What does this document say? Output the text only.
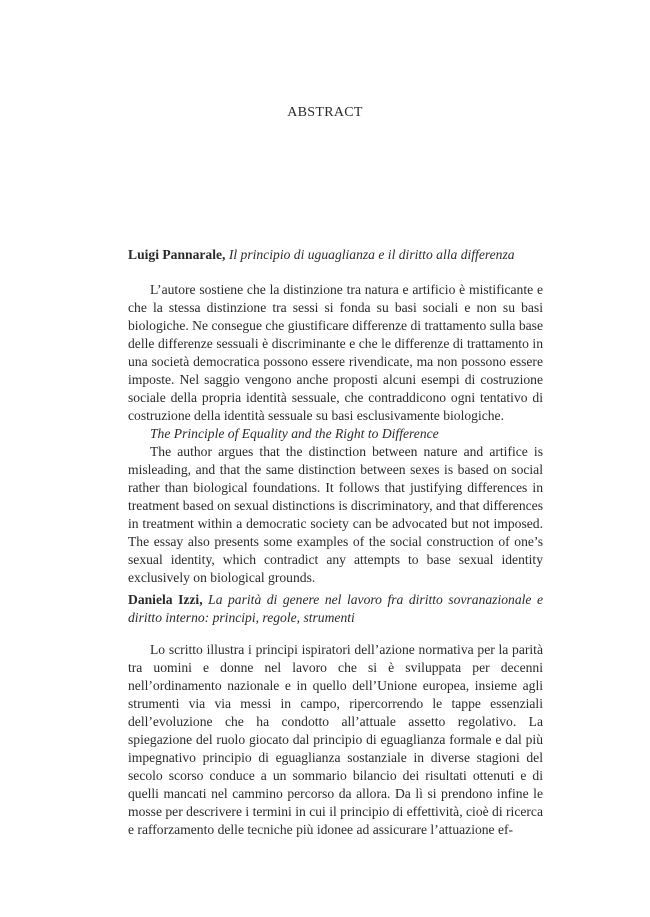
ABSTRACT

Luigi Pannarale, Il principio di uguaglianza e il diritto alla differenza

L’autore sostiene che la distinzione tra natura e artificio è mistificante e che la stessa distinzione tra sessi si fonda su basi sociali e non su basi biologiche. Ne consegue che giustificare differenze di trattamento sulla base delle differenze sessuali è discriminante e che le differenze di trattamento in una società democratica possono essere rivendicate, ma non possono essere imposte. Nel saggio vengono anche proposti alcuni esempi di costruzione sociale della propria identità sessuale, che contraddicono ogni tentativo di costruzione della identità sessuale su basi esclusivamente biologiche.

The Principle of Equality and the Right to Difference

The author argues that the distinction between nature and artifice is misleading, and that the same distinction between sexes is based on social rather than biological foundations. It follows that justifying differences in treatment based on sexual distinctions is discriminatory, and that differences in treatment within a democratic society can be advocated but not imposed. The essay also presents some examples of the social construction of one’s sexual identity, which contradict any attempts to base sexual identity exclusively on biological grounds.

Daniela Izzi, La parità di genere nel lavoro fra diritto sovranazionale e diritto interno: principi, regole, strumenti

Lo scritto illustra i principi ispiratori dell’azione normativa per la parità tra uomini e donne nel lavoro che si è sviluppata per decenni nell’ordinamento nazionale e in quello dell’Unione europea, insieme agli strumenti via via messi in campo, ripercorrendo le tappe essenziali dell’evoluzione che ha condotto all’attuale assetto regolativo. La spiegazione del ruolo giocato dal principio di eguaglianza formale e dal più impegnativo principio di eguaglianza sostanziale in diverse stagioni del secolo scorso conduce a un sommario bilancio dei risultati ottenuti e di quelli mancati nel cammino percorso da allora. Da lì si prendono infine le mosse per descrivere i termini in cui il principio di effettività, cioè di ricerca e rafforzamento delle tecniche più idonee ad assicurare l’attuazione ef-
